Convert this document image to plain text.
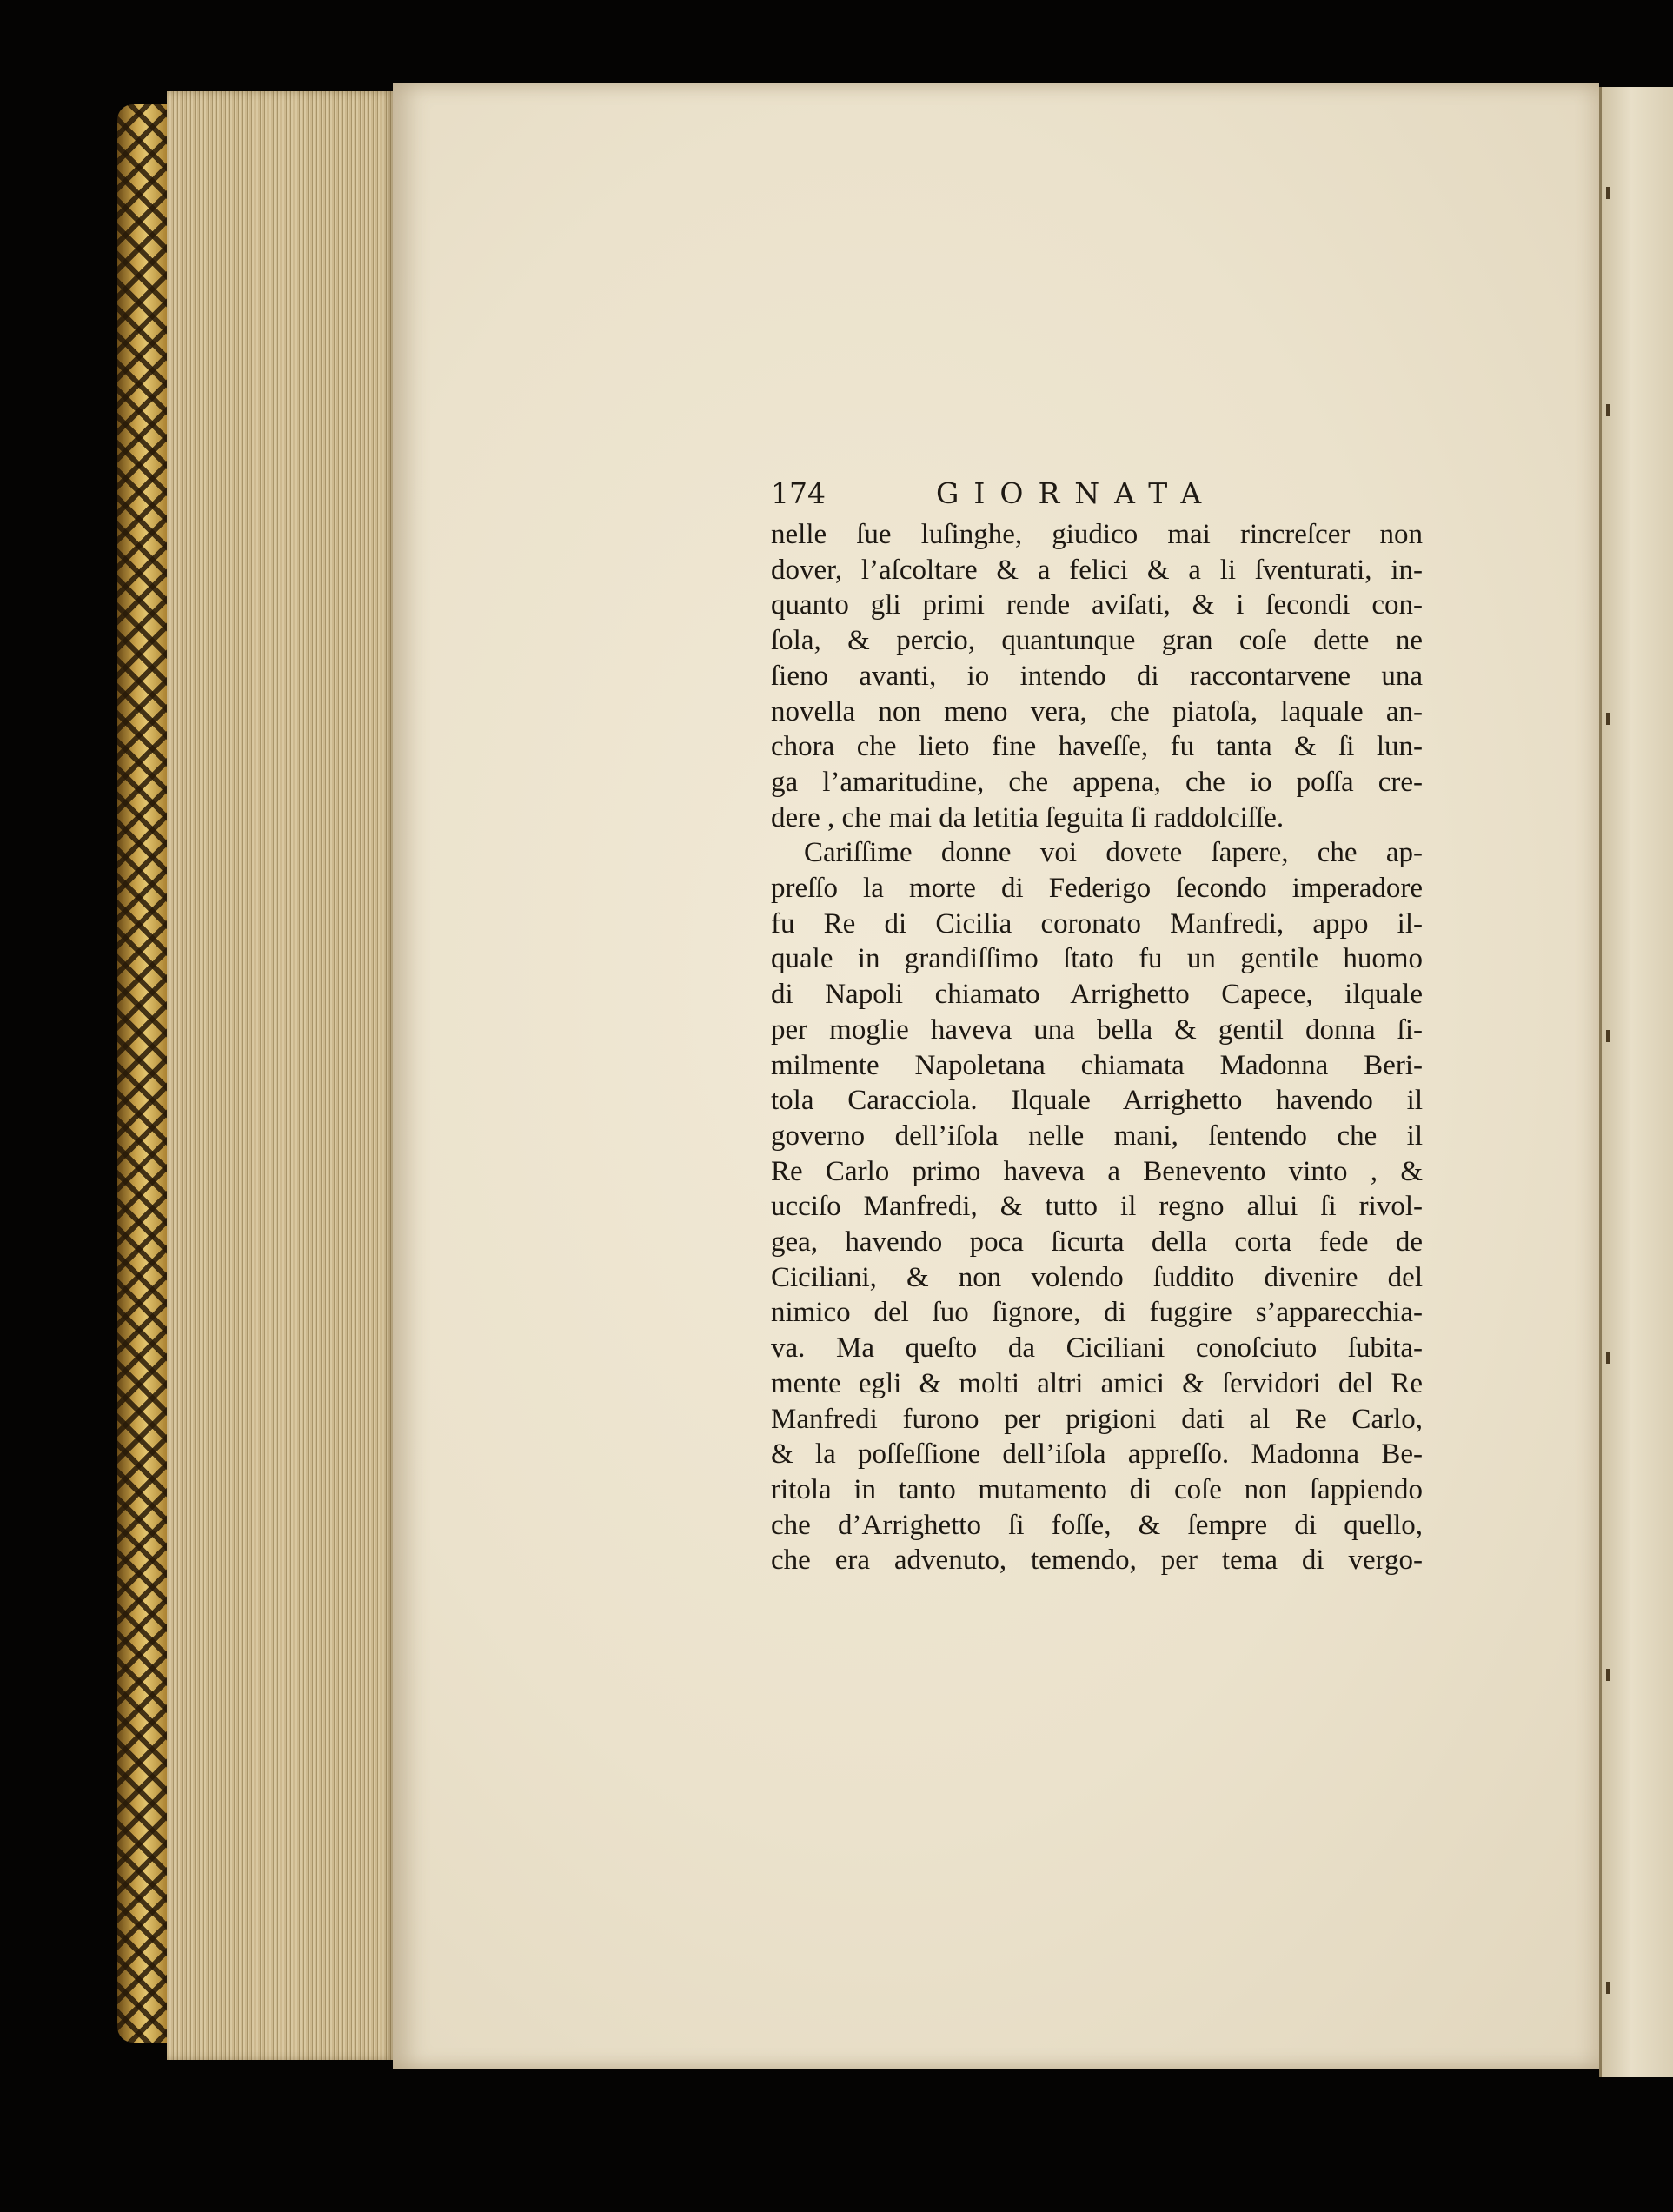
174	GIORNATA
nelle ſue luſinghe, giudico mai rincreſcer non
dover, l’aſcoltare & a felici & a li ſventurati, in-
quanto gli primi rende aviſati, & i ſecondi con-
ſola, & percio, quantunque gran coſe dette ne
ſieno avanti, io intendo di raccontarvene una
novella non meno vera, che piatoſa, laquale an-
chora che lieto fine haveſſe, fu tanta & ſi lun-
ga l’amaritudine, che appena, che io poſſa cre-
dere , che mai da letitia ſeguita ſi raddolciſſe.
Cariſſime donne voi dovete ſapere, che ap-
preſſo la morte di Federigo ſecondo imperadore
fu Re di Cicilia coronato Manfredi, appo il-
quale in grandiſſimo ſtato fu un gentile huomo
di Napoli chiamato Arrighetto Capece, ilquale
per moglie haveva una bella & gentil donna ſi-
milmente Napoletana chiamata Madonna Beri-
tola Caracciola. Ilquale Arrighetto havendo il
governo dell’iſola nelle mani, ſentendo che il
Re Carlo primo haveva a Benevento vinto , &
ucciſo Manfredi, & tutto il regno allui ſi rivol-
gea, havendo poca ſicurta della corta fede de
Ciciliani, & non volendo ſuddito divenire del
nimico del ſuo ſignore, di fuggire s’apparecchia-
va. Ma queſto da Ciciliani conoſciuto ſubita-
mente egli & molti altri amici & ſervidori del Re
Manfredi furono per prigioni dati al Re Carlo,
& la poſſeſſione dell’iſola appreſſo. Madonna Be-
ritola in tanto mutamento di coſe non ſappiendo
che d’Arrighetto ſi foſſe, & ſempre di quello,
che era advenuto, temendo, per tema di vergo-
